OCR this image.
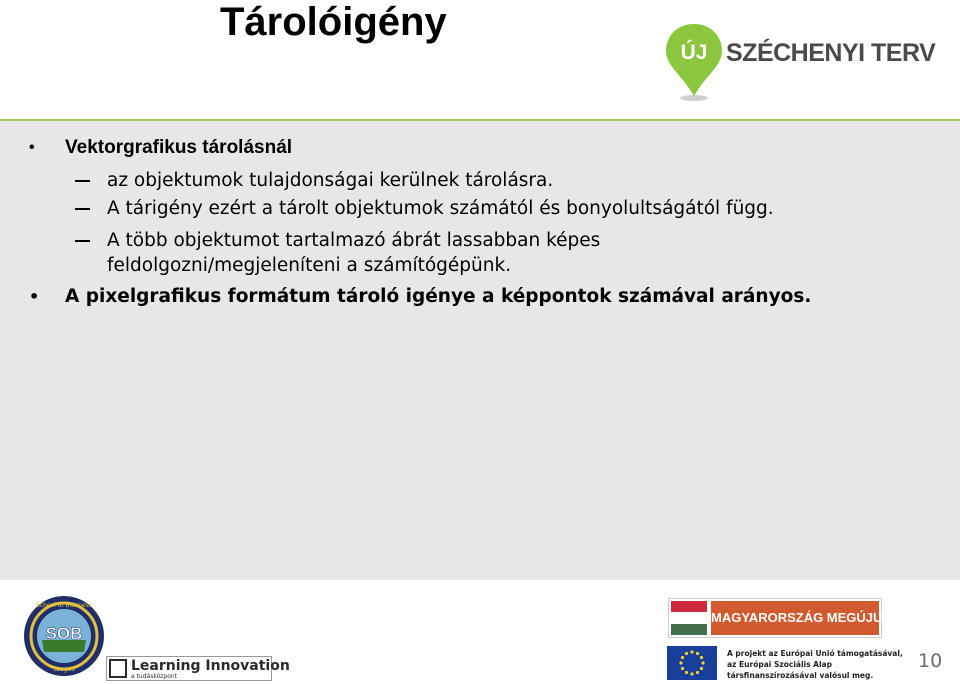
Tárolóigény
ÚJ SZÉCHENYI TERV
• Vektorgrafikus tárolásnál
az objektumok tulajdonságai kerülnek tárolásra.
A tárigény ezért a tárolt objektumok számától és bonyolultságától függ.
A több objektumot tartalmazó ábrát lassabban képes
feldolgozni/megjeleníteni a számítógépünk.
• A pixelgrafikus formátum tároló igénye a képpontok számával arányos.
SOB
School of Business
Szeged	Learning Innovation
a tudásközpont
MAGYARORSZÁG MEGÚJUL
A projekt az Európai Unió támogatásával,
az Európai Szociális Alap
társfinanszírozásával valósul meg.
10
